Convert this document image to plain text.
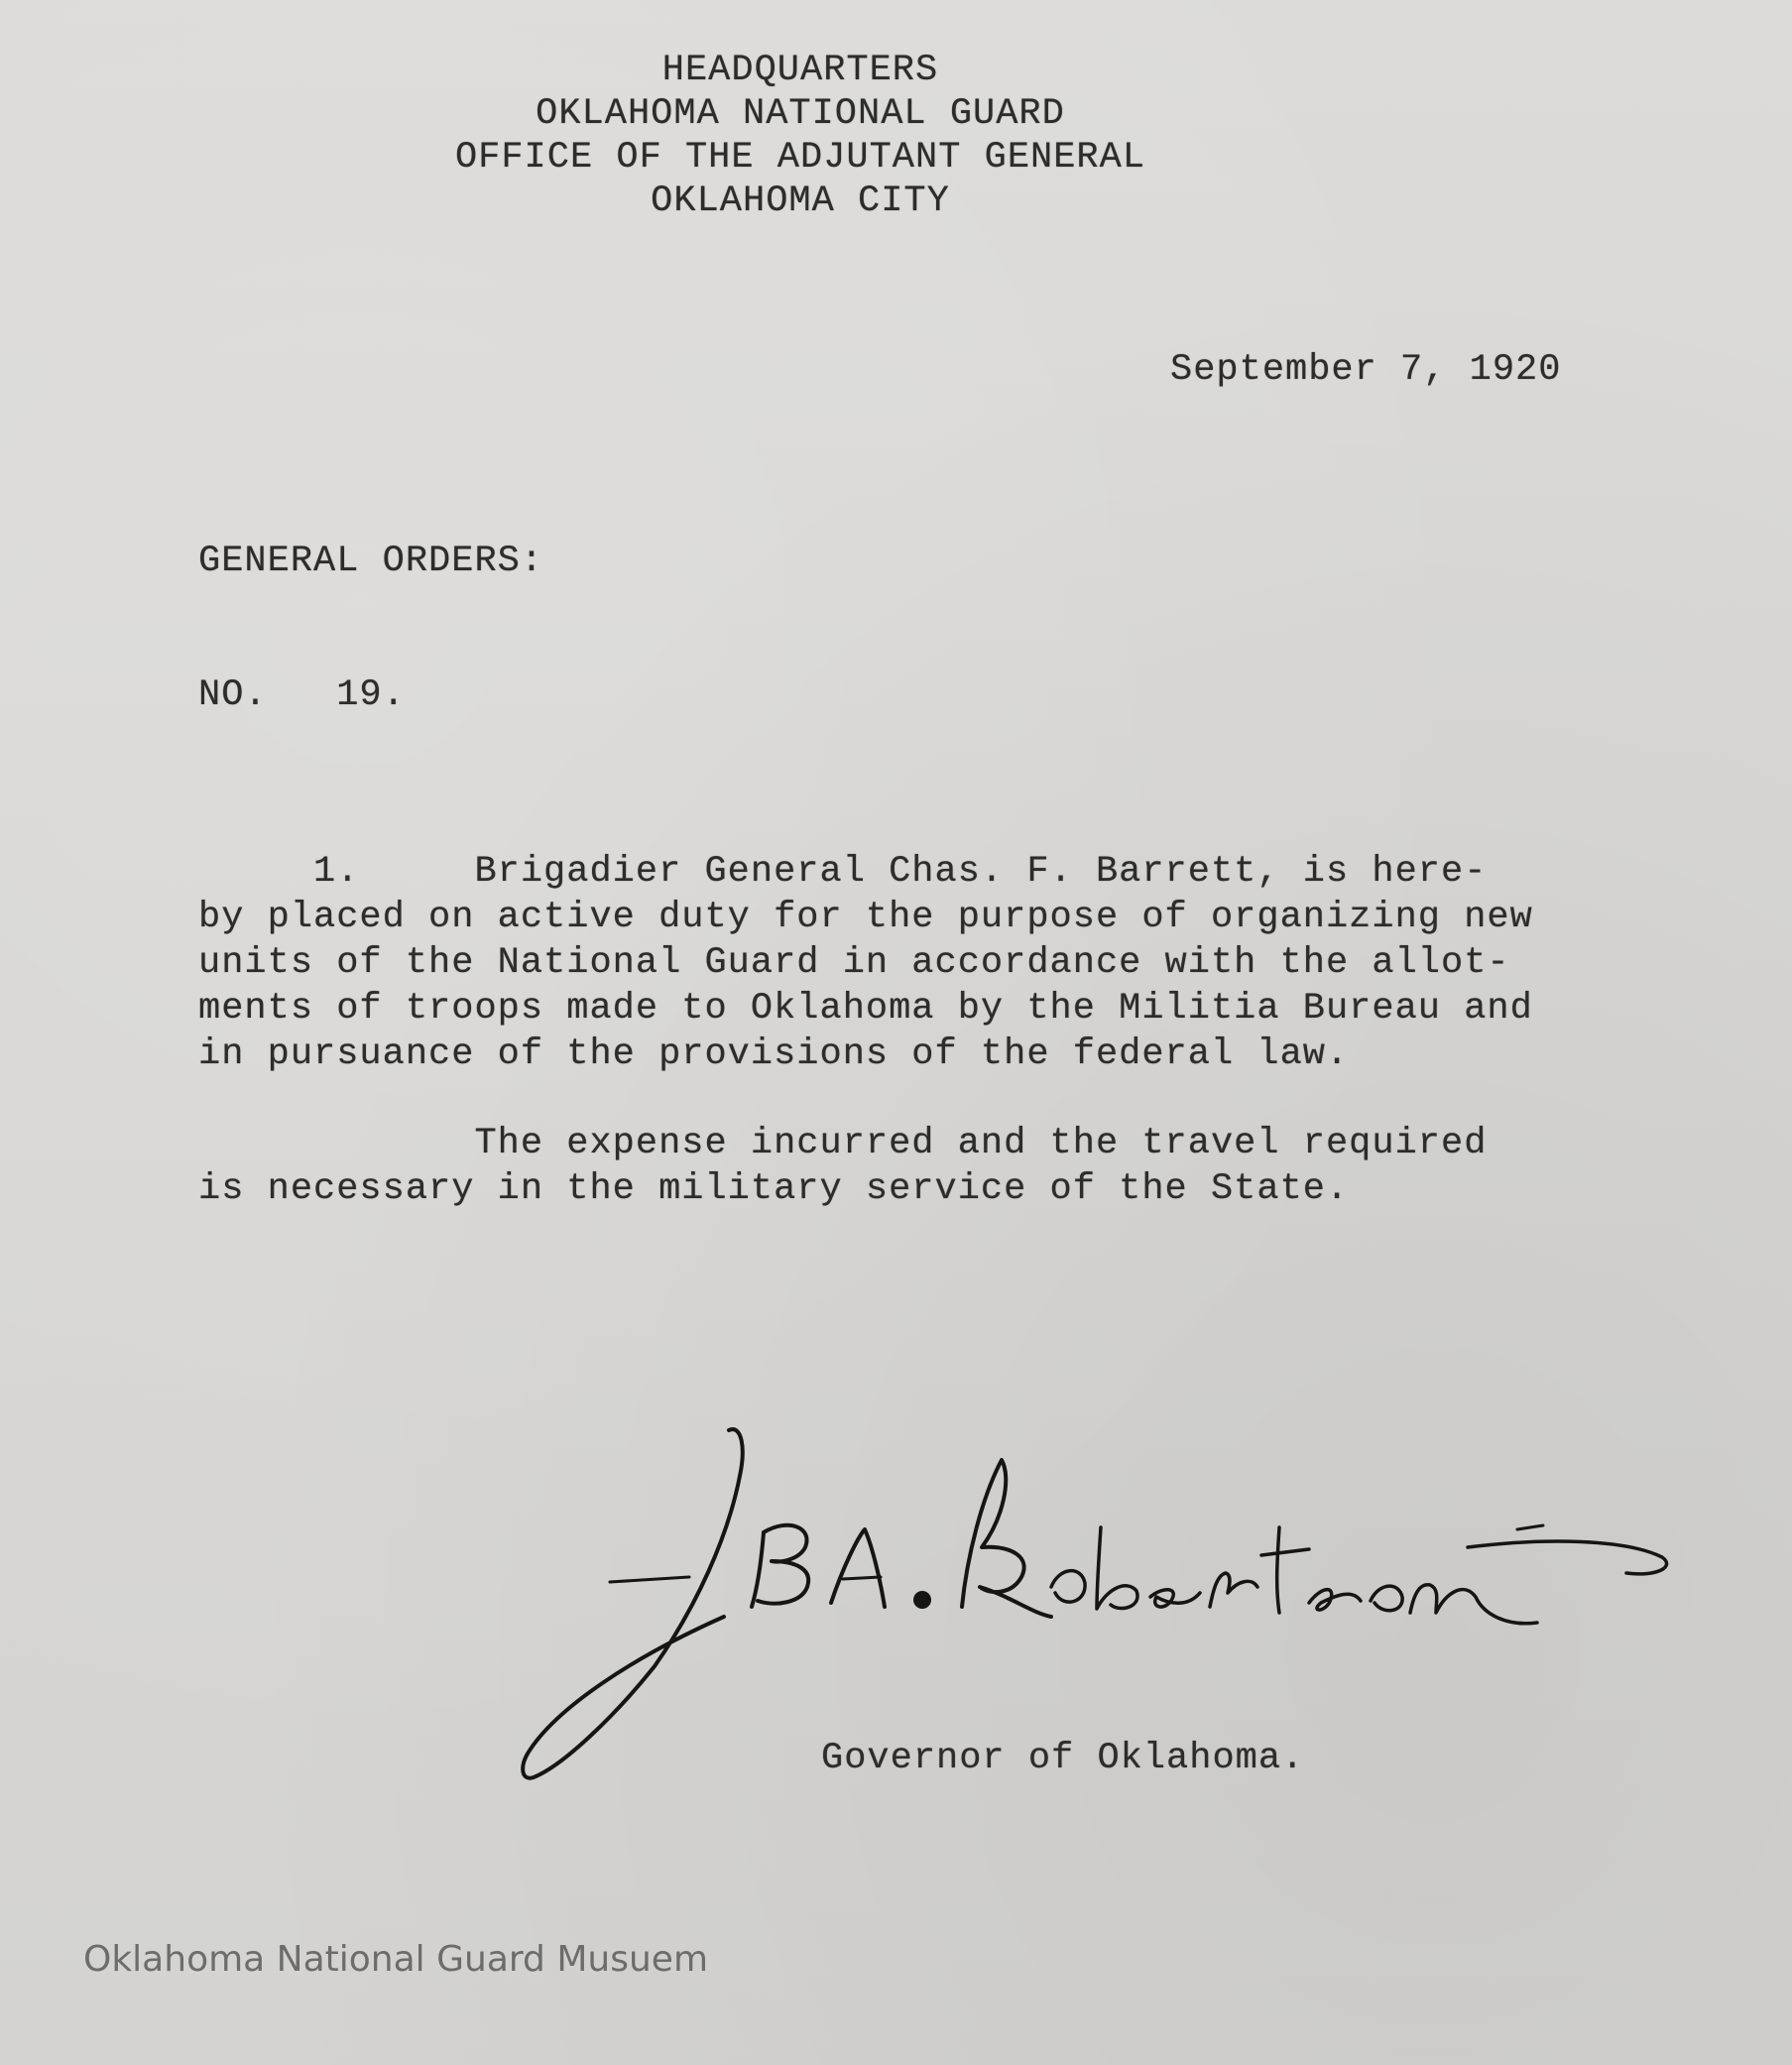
HEADQUARTERS
OKLAHOMA NATIONAL GUARD
OFFICE OF THE ADJUTANT GENERAL
OKLAHOMA CITY
September 7, 1920
GENERAL ORDERS:
NO.   19.
1.     Brigadier General Chas. F. Barrett, is here-
by placed on active duty for the purpose of organizing new
units of the National Guard in accordance with the allot-
ments of troops made to Oklahoma by the Militia Bureau and
in pursuance of the provisions of the federal law.
The expense incurred and the travel required
is necessary in the military service of the State.
Governor of Oklahoma.
Oklahoma National Guard Musuem
